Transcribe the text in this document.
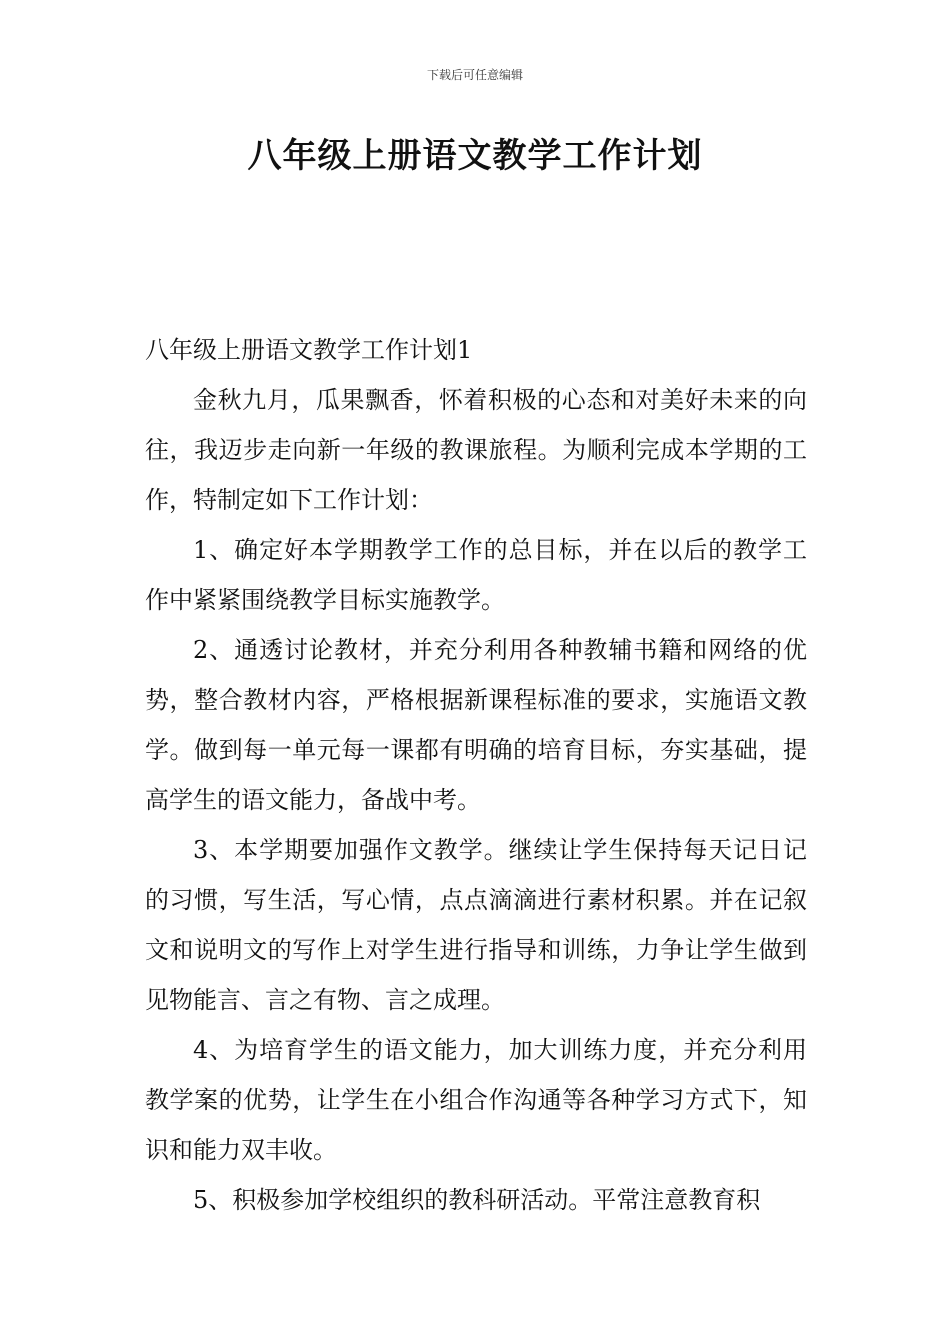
下载后可任意编辑
八年级上册语文教学工作计划
八年级上册语文教学工作计划1

金秋九月，瓜果飘香，怀着积极的心态和对美好未来的向往，我迈步走向新一年级的教课旅程。为顺利完成本学期的工作，特制定如下工作计划：

1、确定好本学期教学工作的总目标，并在以后的教学工作中紧紧围绕教学目标实施教学。

2、通透讨论教材，并充分利用各种教辅书籍和网络的优势，整合教材内容，严格根据新课程标准的要求，实施语文教学。做到每一单元每一课都有明确的培育目标，夯实基础，提高学生的语文能力，备战中考。

3、本学期要加强作文教学。继续让学生保持每天记日记的习惯，写生活，写心情，点点滴滴进行素材积累。并在记叙文和说明文的写作上对学生进行指导和训练，力争让学生做到见物能言、言之有物、言之成理。

4、为培育学生的语文能力，加大训练力度，并充分利用教学案的优势，让学生在小组合作沟通等各种学习方式下，知识和能力双丰收。

5、积极参加学校组织的教科研活动。平常注意教育积
